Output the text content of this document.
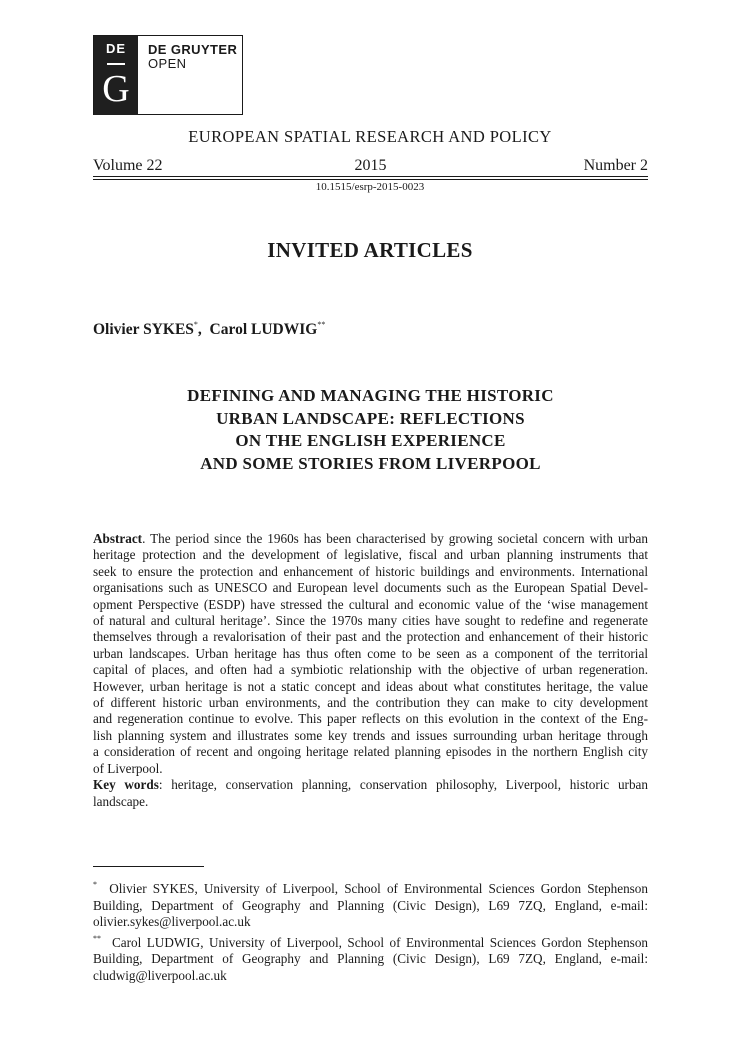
DE
G
DE GRUYTER
OPEN
EUROPEAN SPATIAL RESEARCH AND POLICY
Volume 22	2015	Number 2
10.1515/esrp-2015-0023
INVITED ARTICLES
Olivier SYKES*,  Carol LUDWIG**
DEFINING AND MANAGING THE HISTORIC
URBAN LANDSCAPE: REFLECTIONS
ON THE ENGLISH EXPERIENCE
AND SOME STORIES FROM LIVERPOOL
Abstract. The period since the 1960s has been characterised by growing societal concern with urban
heritage protection and the development of legislative, fiscal and urban planning instruments that
seek to ensure the protection and enhancement of historic buildings and environments. International
organisations such as UNESCO and European level documents such as the European Spatial Devel-
opment Perspective (ESDP) have stressed the cultural and economic value of the ‘wise management
of natural and cultural heritage’. Since the 1970s many cities have sought to redefine and regenerate
themselves through a revalorisation of their past and the protection and enhancement of their historic
urban landscapes. Urban heritage has thus often come to be seen as a component of the territorial
capital of places, and often had a symbiotic relationship with the objective of urban regeneration.
However, urban heritage is not a static concept and ideas about what constitutes heritage, the value
of different historic urban environments, and the contribution they can make to city development
and regeneration continue to evolve. This paper reflects on this evolution in the context of the Eng-
lish planning system and illustrates some key trends and issues surrounding urban heritage through
a consideration of recent and ongoing heritage related planning episodes in the northern English city
of Liverpool.
Key words: heritage, conservation planning, conservation philosophy, Liverpool, historic urban
landscape.
* Olivier SYKES, University of Liverpool, School of Environmental Sciences Gordon Stephenson
Building, Department of Geography and Planning (Civic Design), L69 7ZQ, England, e-mail:
olivier.sykes@liverpool.ac.uk
** Carol LUDWIG, University of Liverpool, School of Environmental Sciences Gordon Stephenson
Building, Department of Geography and Planning (Civic Design), L69 7ZQ, England, e-mail:
cludwig@liverpool.ac.uk
